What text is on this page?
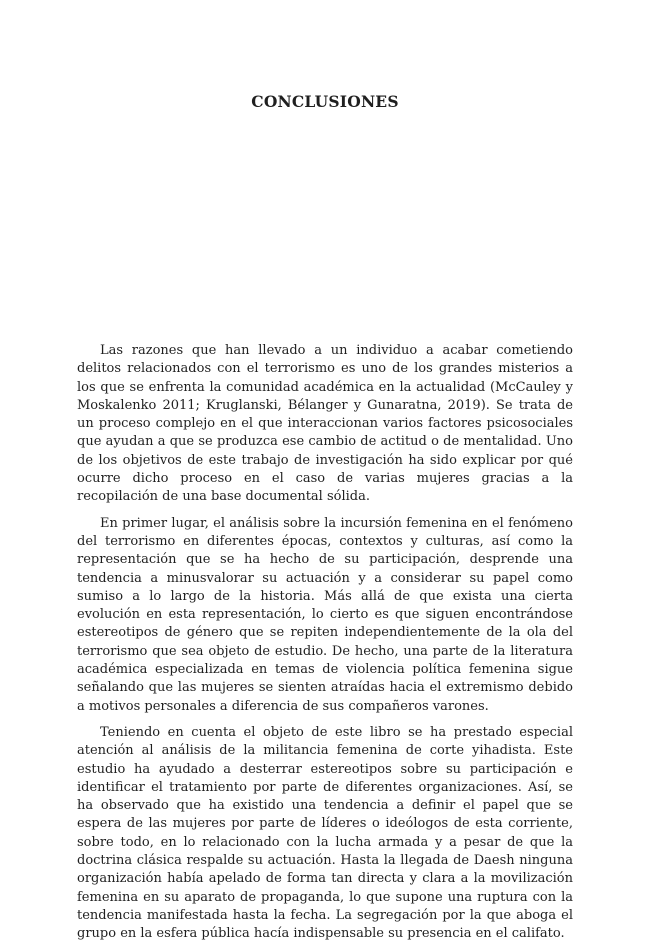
CONCLUSIONES

Las razones que han llevado a un individuo a acabar cometiendo delitos relacionados con el terrorismo es uno de los grandes misterios a los que se enfrenta la comunidad académica en la actualidad (McCauley y Moskalenko 2011; Kruglanski, Bélanger y Gunaratna, 2019). Se trata de un proceso complejo en el que interaccionan varios factores psicosociales que ayudan a que se produzca ese cambio de actitud o de mentalidad. Uno de los objetivos de este trabajo de investigación ha sido explicar por qué ocurre dicho proceso en el caso de varias mujeres gracias a la recopilación de una base documental sólida.

En primer lugar, el análisis sobre la incursión femenina en el fenómeno del terrorismo en diferentes épocas, contextos y culturas, así como la representación que se ha hecho de su participación, desprende una tendencia a minusvalorar su actuación y a considerar su papel como sumiso a lo largo de la historia. Más allá de que exista una cierta evolución en esta representación, lo cierto es que siguen encontrándose estereotipos de género que se repiten independientemente de la ola del terrorismo que sea objeto de estudio. De hecho, una parte de la literatura académica especializada en temas de violencia política femenina sigue señalando que las mujeres se sienten atraídas hacia el extremismo debido a motivos personales a diferencia de sus compañeros varones.

Teniendo en cuenta el objeto de este libro se ha prestado especial atención al análisis de la militancia femenina de corte yihadista. Este estudio ha ayudado a desterrar estereotipos sobre su participación e identificar el tratamiento por parte de diferentes organizaciones. Así, se ha observado que ha existido una tendencia a definir el papel que se espera de las mujeres por parte de líderes o ideólogos de esta corriente, sobre todo, en lo relacionado con la lucha armada y a pesar de que la doctrina clásica respalde su actuación. Hasta la llegada de Daesh ninguna organización había apelado de forma tan directa y clara a la movilización femenina en su aparato de propaganda, lo que supone una ruptura con la tendencia manifestada hasta la fecha. La segregación por la que aboga el grupo en la esfera pública hacía indispensable su presencia en el califato.
